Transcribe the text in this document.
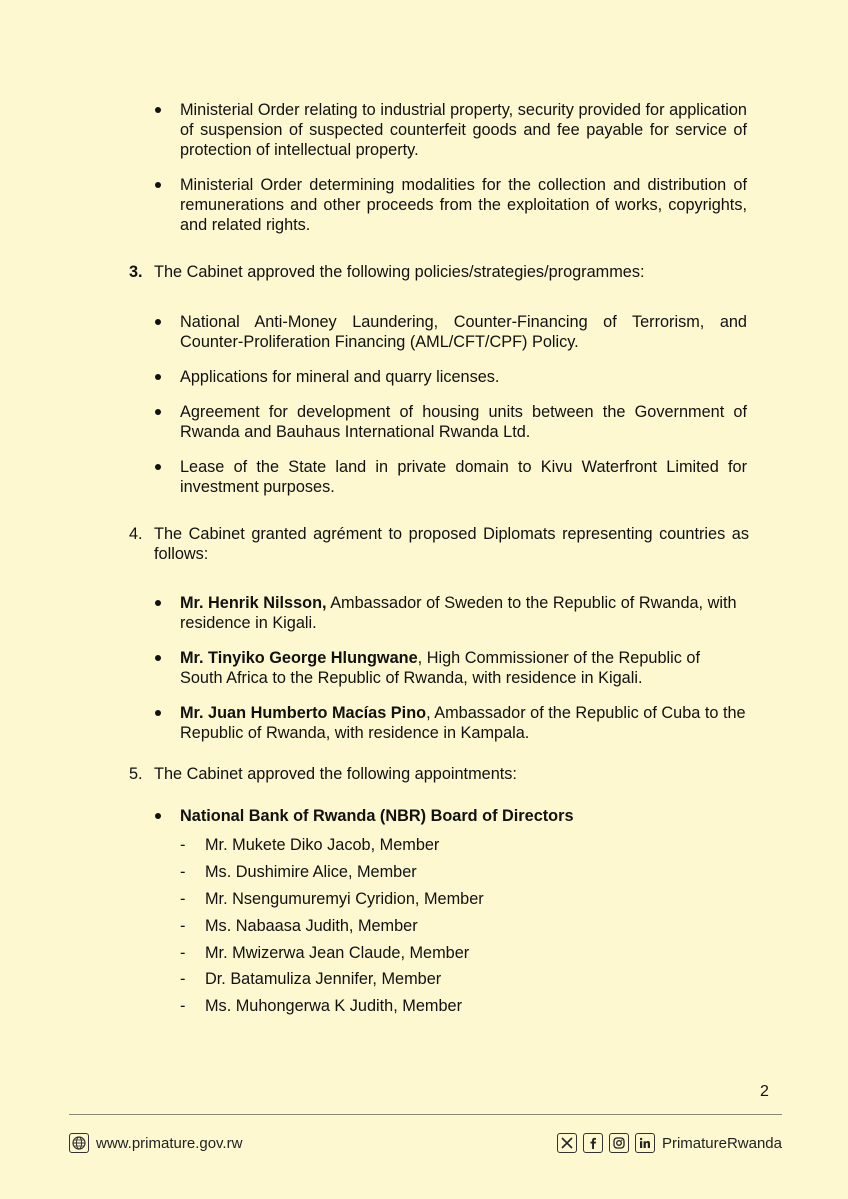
Ministerial Order relating to industrial property, security provided for application of suspension of suspected counterfeit goods and fee payable for service of protection of intellectual property.
Ministerial Order determining modalities for the collection and distribution of remunerations and other proceeds from the exploitation of works, copyrights, and related rights.
3. The Cabinet approved the following policies/strategies/programmes:
National Anti-Money Laundering, Counter-Financing of Terrorism, and Counter-Proliferation Financing (AML/CFT/CPF) Policy.
Applications for mineral and quarry licenses.
Agreement for development of housing units between the Government of Rwanda and Bauhaus International Rwanda Ltd.
Lease of the State land in private domain to Kivu Waterfront Limited for investment purposes.
4. The Cabinet granted agrément to proposed Diplomats representing countries as follows:
Mr. Henrik Nilsson, Ambassador of Sweden to the Republic of Rwanda, with residence in Kigali.
Mr. Tinyiko George Hlungwane, High Commissioner of the Republic of South Africa to the Republic of Rwanda, with residence in Kigali.
Mr. Juan Humberto Macías Pino, Ambassador of the Republic of Cuba to the Republic of Rwanda, with residence in Kampala.
5. The Cabinet approved the following appointments:
National Bank of Rwanda (NBR) Board of Directors
- Mr. Mukete Diko Jacob, Member
- Ms. Dushimire Alice, Member
- Mr. Nsengumuremyi Cyridion, Member
- Ms. Nabaasa Judith, Member
- Mr. Mwizerwa Jean Claude, Member
- Dr. Batamuliza Jennifer, Member
- Ms. Muhongerwa K Judith, Member
2
www.primature.gov.rw	PrimatureRwanda
